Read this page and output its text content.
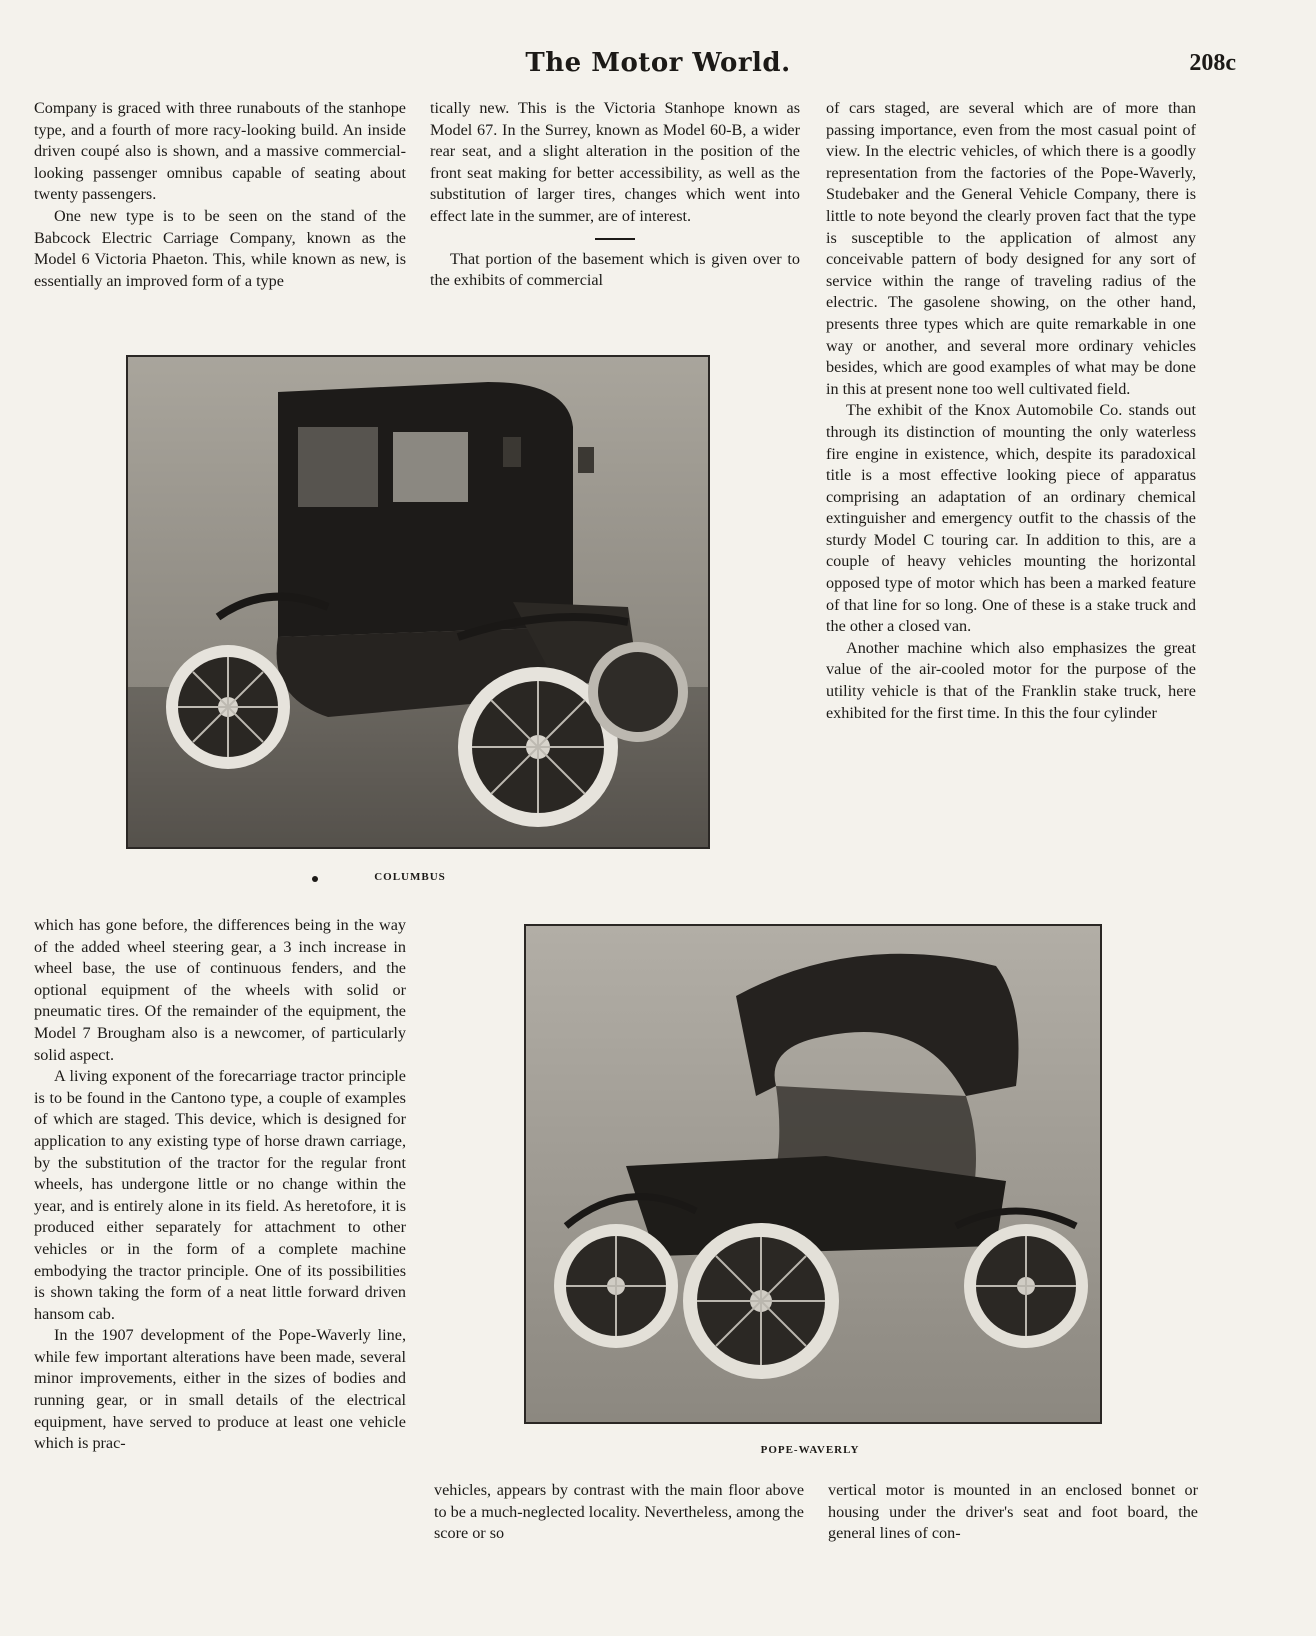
The Motor World.	208c

Company is graced with three runabouts of the stanhope type, and a fourth of more racy-looking build. An inside driven coupé also is shown, and a massive commercial-looking passenger omnibus capable of seating about twenty passengers.

One new type is to be seen on the stand of the Babcock Electric Carriage Company, known as the Model 6 Victoria Phaeton. This, while known as new, is essentially an improved form of a type

tically new. This is the Victoria Stanhope known as Model 67. In the Surrey, known as Model 60-B, a wider rear seat, and a slight alteration in the position of the front seat making for better accessibility, as well as the substitution of larger tires, changes which went into effect late in the summer, are of interest.

That portion of the basement which is given over to the exhibits of commercial

of cars staged, are several which are of more than passing importance, even from the most casual point of view. In the electric vehicles, of which there is a goodly representation from the factories of the Pope-Waverly, Studebaker and the General Vehicle Company, there is little to note beyond the clearly proven fact that the type is susceptible to the application of almost any conceivable pattern of body designed for any sort of service within the range of traveling radius of the electric. The gasolene showing, on the other hand, presents three types which are quite remarkable in one way or another, and several more ordinary vehicles besides, which are good examples of what may be done in this at present none too well cultivated field.

The exhibit of the Knox Automobile Co. stands out through its distinction of mounting the only waterless fire engine in existence, which, despite its paradoxical title is a most effective looking piece of apparatus comprising an adaptation of an ordinary chemical extinguisher and emergency outfit to the chassis of the sturdy Model C touring car. In addition to this, are a couple of heavy vehicles mounting the horizontal opposed type of motor which has been a marked feature of that line for so long. One of these is a stake truck and the other a closed van.

Another machine which also emphasizes the great value of the air-cooled motor for the purpose of the utility vehicle is that of the Franklin stake truck, here exhibited for the first time. In this the four cylinder

COLUMBUS

which has gone before, the differences being in the way of the added wheel steering gear, a 3 inch increase in wheel base, the use of continuous fenders, and the optional equipment of the wheels with solid or pneumatic tires. Of the remainder of the equipment, the Model 7 Brougham also is a newcomer, of particularly solid aspect.

A living exponent of the forecarriage tractor principle is to be found in the Cantono type, a couple of examples of which are staged. This device, which is designed for application to any existing type of horse drawn carriage, by the substitution of the tractor for the regular front wheels, has undergone little or no change within the year, and is entirely alone in its field. As heretofore, it is produced either separately for attachment to other vehicles or in the form of a complete machine embodying the tractor principle. One of its possibilities is shown taking the form of a neat little forward driven hansom cab.

In the 1907 development of the Pope-Waverly line, while few important alterations have been made, several minor improvements, either in the sizes of bodies and running gear, or in small details of the electrical equipment, have served to produce at least one vehicle which is prac-	POPE-WAVERLY

vehicles, appears by contrast with the main floor above to be a much-neglected locality. Nevertheless, among the score or so

vertical motor is mounted in an enclosed bonnet or housing under the driver's seat and foot board, the general lines of con-
